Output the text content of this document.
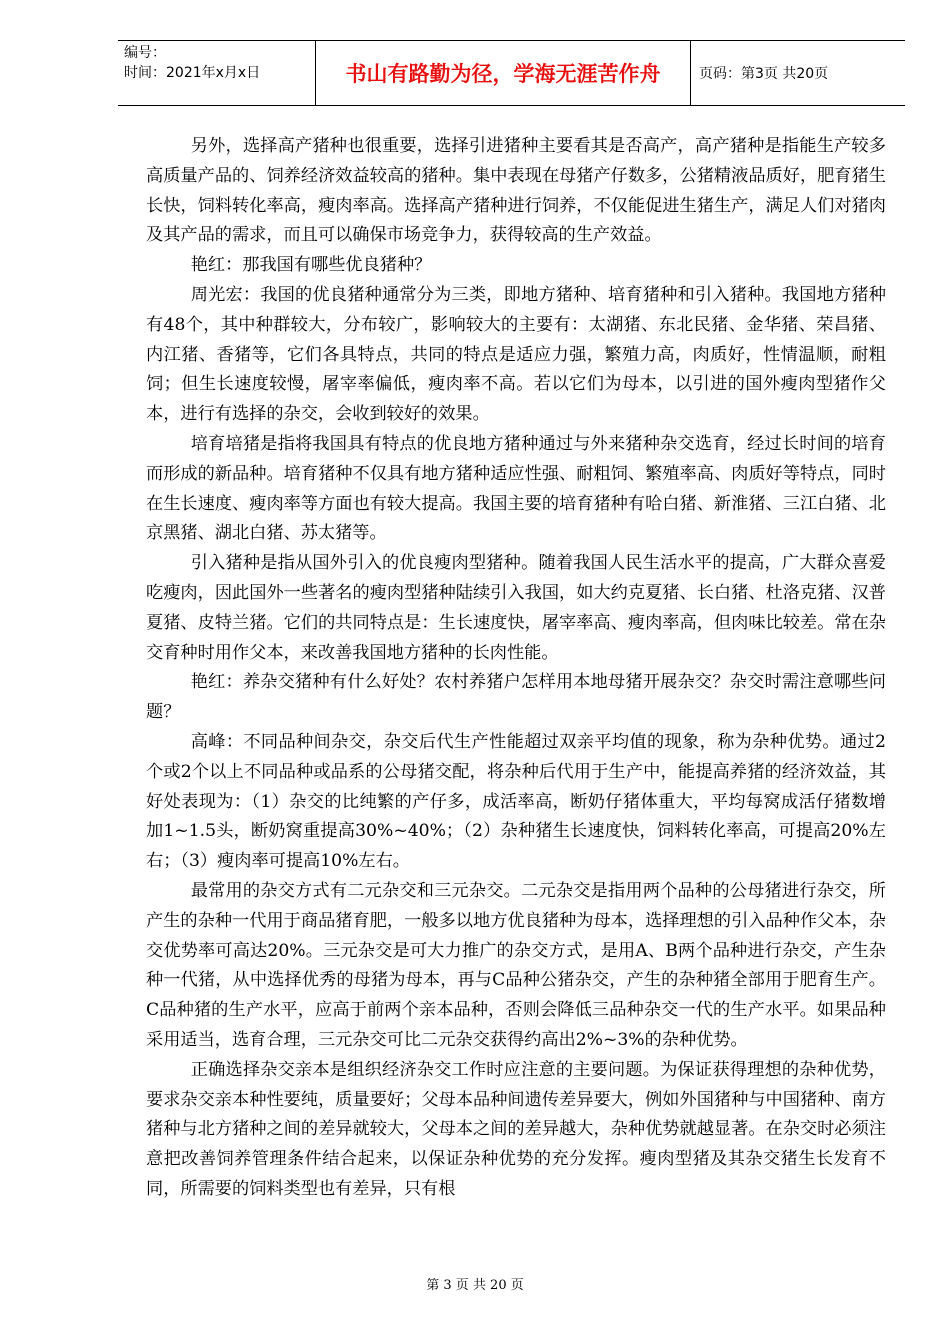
编号：
时间：2021年x月x日	书山有路勤为径，学海无涯苦作舟	页码：第3页 共20页

另外，选择高产猪种也很重要，选择引进猪种主要看其是否高产，高产猪种是指能生产较多高质量产品的、饲养经济效益较高的猪种。集中表现在母猪产仔数多，公猪精液品质好，肥育猪生长快，饲料转化率高，瘦肉率高。选择高产猪种进行饲养，不仅能促进生猪生产，满足人们对猪肉及其产品的需求，而且可以确保市场竞争力，获得较高的生产效益。

艳红：那我国有哪些优良猪种？

周光宏：我国的优良猪种通常分为三类，即地方猪种、培育猪种和引入猪种。我国地方猪种有48个，其中种群较大，分布较广，影响较大的主要有：太湖猪、东北民猪、金华猪、荣昌猪、内江猪、香猪等，它们各具特点，共同的特点是适应力强，繁殖力高，肉质好，性情温顺，耐粗饲；但生长速度较慢，屠宰率偏低，瘦肉率不高。若以它们为母本，以引进的国外瘦肉型猪作父本，进行有选择的杂交，会收到较好的效果。

培育培猪是指将我国具有特点的优良地方猪种通过与外来猪种杂交选育，经过长时间的培育而形成的新品种。培育猪种不仅具有地方猪种适应性强、耐粗饲、繁殖率高、肉质好等特点，同时在生长速度、瘦肉率等方面也有较大提高。我国主要的培育猪种有哈白猪、新淮猪、三江白猪、北京黑猪、湖北白猪、苏太猪等。

引入猪种是指从国外引入的优良瘦肉型猪种。随着我国人民生活水平的提高，广大群众喜爱吃瘦肉，因此国外一些著名的瘦肉型猪种陆续引入我国，如大约克夏猪、长白猪、杜洛克猪、汉普夏猪、皮特兰猪。它们的共同特点是：生长速度快，屠宰率高、瘦肉率高，但肉味比较差。常在杂交育种时用作父本，来改善我国地方猪种的长肉性能。

艳红：养杂交猪种有什么好处？农村养猪户怎样用本地母猪开展杂交？杂交时需注意哪些问题？

高峰：不同品种间杂交，杂交后代生产性能超过双亲平均值的现象，称为杂种优势。通过2个或2个以上不同品种或品系的公母猪交配，将杂种后代用于生产中，能提高养猪的经济效益，其好处表现为：（1）杂交的比纯繁的产仔多，成活率高，断奶仔猪体重大，平均每窝成活仔猪数增加1~1.5头，断奶窝重提高30%~40%；（2）杂种猪生长速度快，饲料转化率高，可提高20%左右；（3）瘦肉率可提高10%左右。

最常用的杂交方式有二元杂交和三元杂交。二元杂交是指用两个品种的公母猪进行杂交，所产生的杂种一代用于商品猪育肥，一般多以地方优良猪种为母本，选择理想的引入品种作父本，杂交优势率可高达20%。三元杂交是可大力推广的杂交方式，是用A、B两个品种进行杂交，产生杂种一代猪，从中选择优秀的母猪为母本，再与C品种公猪杂交，产生的杂种猪全部用于肥育生产。C品种猪的生产水平，应高于前两个亲本品种，否则会降低三品种杂交一代的生产水平。如果品种采用适当，选育合理，三元杂交可比二元杂交获得约高出2%~3%的杂种优势。

正确选择杂交亲本是组织经济杂交工作时应注意的主要问题。为保证获得理想的杂种优势，要求杂交亲本种性要纯，质量要好；父母本品种间遗传差异要大，例如外国猪种与中国猪种、南方猪种与北方猪种之间的差异就较大，父母本之间的差异越大，杂种优势就越显著。在杂交时必须注意把改善饲养管理条件结合起来，以保证杂种优势的充分发挥。瘦肉型猪及其杂交猪生长发育不同，所需要的饲料类型也有差异，只有根

第 3 页 共 20 页
